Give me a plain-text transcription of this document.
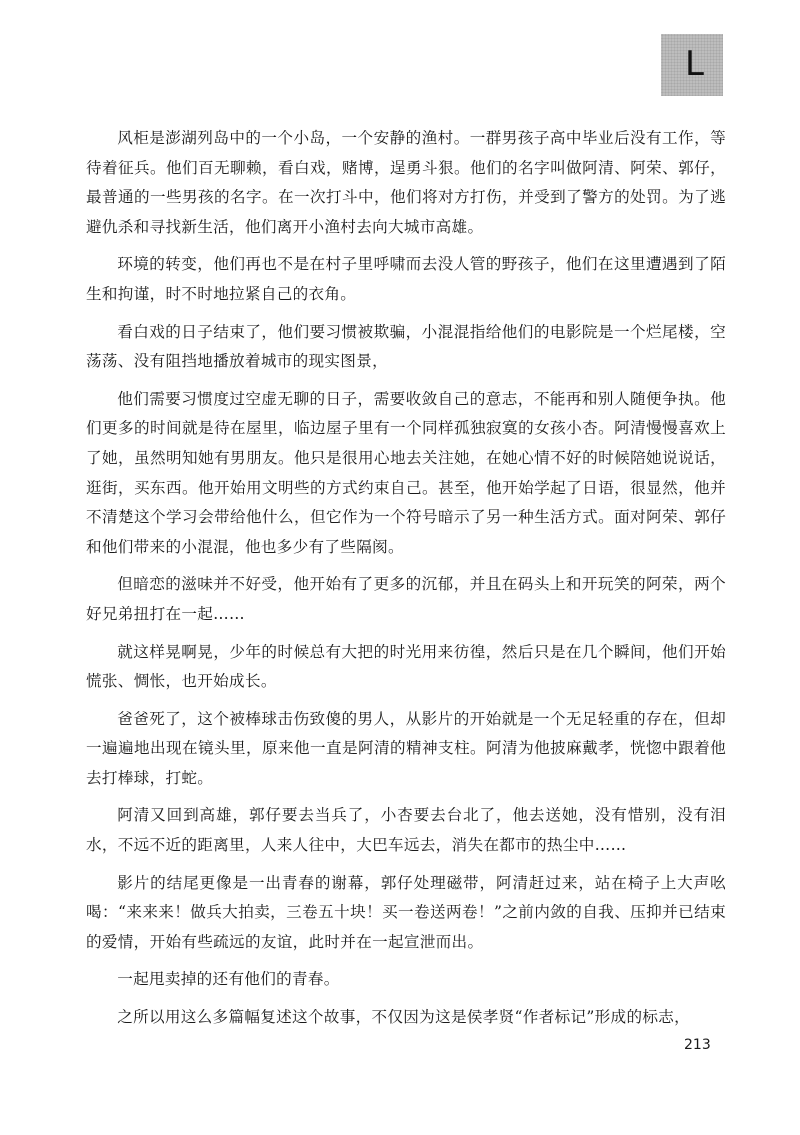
L

风柜是澎湖列岛中的一个小岛，一个安静的渔村。一群男孩子高中毕业后没有工作，等待着征兵。他们百无聊赖，看白戏，赌博，逞勇斗狠。他们的名字叫做阿清、阿荣、郭仔，最普通的一些男孩的名字。在一次打斗中，他们将对方打伤，并受到了警方的处罚。为了逃避仇杀和寻找新生活，他们离开小渔村去向大城市高雄。

环境的转变，他们再也不是在村子里呼啸而去没人管的野孩子，他们在这里遭遇到了陌生和拘谨，时不时地拉紧自己的衣角。

看白戏的日子结束了，他们要习惯被欺骗，小混混指给他们的电影院是一个烂尾楼，空荡荡、没有阻挡地播放着城市的现实图景，

他们需要习惯度过空虚无聊的日子，需要收敛自己的意志，不能再和别人随便争执。他们更多的时间就是待在屋里，临边屋子里有一个同样孤独寂寞的女孩小杏。阿清慢慢喜欢上了她，虽然明知她有男朋友。他只是很用心地去关注她，在她心情不好的时候陪她说说话，逛街，买东西。他开始用文明些的方式约束自己。甚至，他开始学起了日语，很显然，他并不清楚这个学习会带给他什么，但它作为一个符号暗示了另一种生活方式。面对阿荣、郭仔和他们带来的小混混，他也多少有了些隔阂。

但暗恋的滋味并不好受，他开始有了更多的沉郁，并且在码头上和开玩笑的阿荣，两个好兄弟扭打在一起……

就这样晃啊晃，少年的时候总有大把的时光用来彷徨，然后只是在几个瞬间，他们开始慌张、惆怅，也开始成长。

爸爸死了，这个被棒球击伤致傻的男人，从影片的开始就是一个无足轻重的存在，但却一遍遍地出现在镜头里，原来他一直是阿清的精神支柱。阿清为他披麻戴孝，恍惚中跟着他去打棒球，打蛇。

阿清又回到高雄，郭仔要去当兵了，小杏要去台北了，他去送她，没有惜别，没有泪水，不远不近的距离里，人来人往中，大巴车远去，消失在都市的热尘中……

影片的结尾更像是一出青春的谢幕，郭仔处理磁带，阿清赶过来，站在椅子上大声吆喝：“来来来！做兵大拍卖，三卷五十块！买一卷送两卷！”之前内敛的自我、压抑并已结束的爱情，开始有些疏远的友谊，此时并在一起宣泄而出。

一起甩卖掉的还有他们的青春。

之所以用这么多篇幅复述这个故事，不仅因为这是侯孝贤“作者标记”形成的标志，

213
